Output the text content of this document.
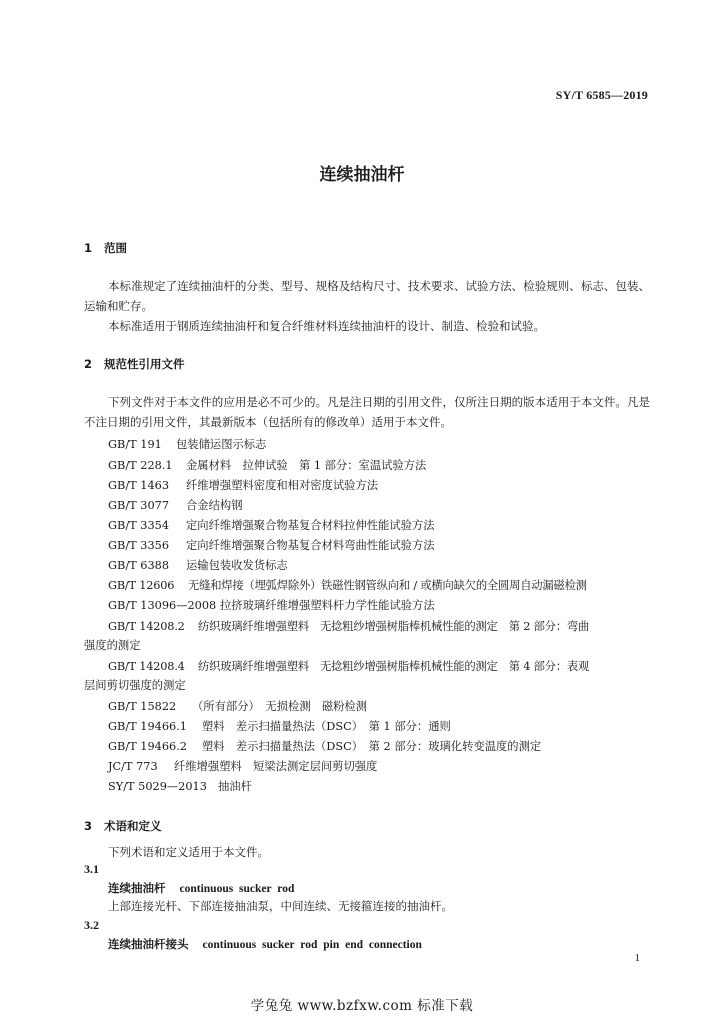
SY/T 6585—2019
连续抽油杆
1 范围
本标准规定了连续抽油杆的分类、型号、规格及结构尺寸、技术要求、试验方法、检验规则、标志、包装、运输和贮存。
本标准适用于钢质连续抽油杆和复合纤维材料连续抽油杆的设计、制造、检验和试验。
2 规范性引用文件
下列文件对于本文件的应用是必不可少的。凡是注日期的引用文件，仅所注日期的版本适用于本文件。凡是不注日期的引用文件，其最新版本（包括所有的修改单）适用于本文件。
GB/T 191 包装储运图示标志
GB/T 228.1 金属材料　拉伸试验　第 1 部分：室温试验方法
GB/T 1463 纤维增强塑料密度和相对密度试验方法
GB/T 3077 合金结构钢
GB/T 3354 定向纤维增强聚合物基复合材料拉伸性能试验方法
GB/T 3356 定向纤维增强聚合物基复合材料弯曲性能试验方法
GB/T 6388 运输包装收发货标志
GB/T 12606 无缝和焊接（埋弧焊除外）铁磁性钢管纵向和 / 或横向缺欠的全圆周自动漏磁检测
GB/T 13096—2008 拉挤玻璃纤维增强塑料杆力学性能试验方法
GB/T 14208.2 纺织玻璃纤维增强塑料　无捻粗纱增强树脂棒机械性能的测定　第 2 部分：弯曲
强度的测定
GB/T 14208.4 纺织玻璃纤维增强塑料　无捻粗纱增强树脂棒机械性能的测定　第 4 部分：表观
层间剪切强度的测定
GB/T 15822 （所有部分）　无损检测　磁粉检测
GB/T 19466.1 塑料　差示扫描量热法（DSC）　第 1 部分：通则
GB/T 19466.2 塑料　差示扫描量热法（DSC）　第 2 部分：玻璃化转变温度的测定
JC/T 773 纤维增强塑料　短梁法测定层间剪切强度
SY/T 5029—2013 抽油杆
3 术语和定义
下列术语和定义适用于本文件。
3.1
连续抽油杆 continuous sucker rod
上部连接光杆、下部连接抽油泵，中间连续、无接箍连接的抽油杆。
3.2
连续抽油杆接头 continuous sucker rod pin end connection
1
学兔兔 www.bzfxw.com 标准下载
